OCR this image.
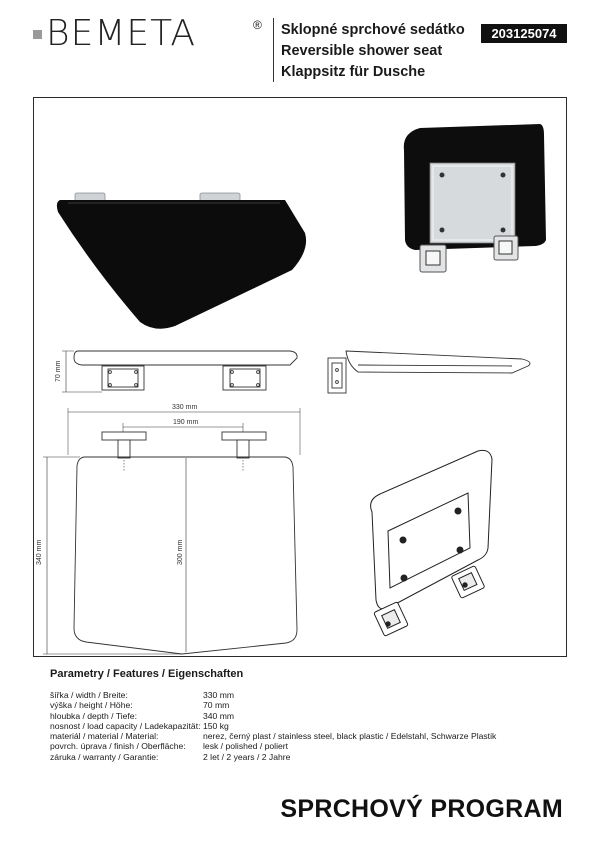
BEMETA	® Sklopné sprchové sedátko
Reversible shower seat
Klappsitz für Dusche
203125074
70 mm
330 mm
190 mm
340 mm	300 mm
Parametry / Features / Eigenschaften
šířka / width / Breite:	330 mm
výška / height / Höhe:	70 mm
hloubka / depth / Tiefe:	340 mm
nosnost / load capacity / Ladekapazität: 150 kg
materiál / material / Material:	nerez, černý plast / stainless steel, black plastic / Edelstahl, Schwarze Plastik
povrch. úprava / finish / Oberfläche:	lesk / polished / poliert
záruka / warranty / Garantie:	2 let / 2 years / 2 Jahre
SPRCHOVÝ PROGRAM
